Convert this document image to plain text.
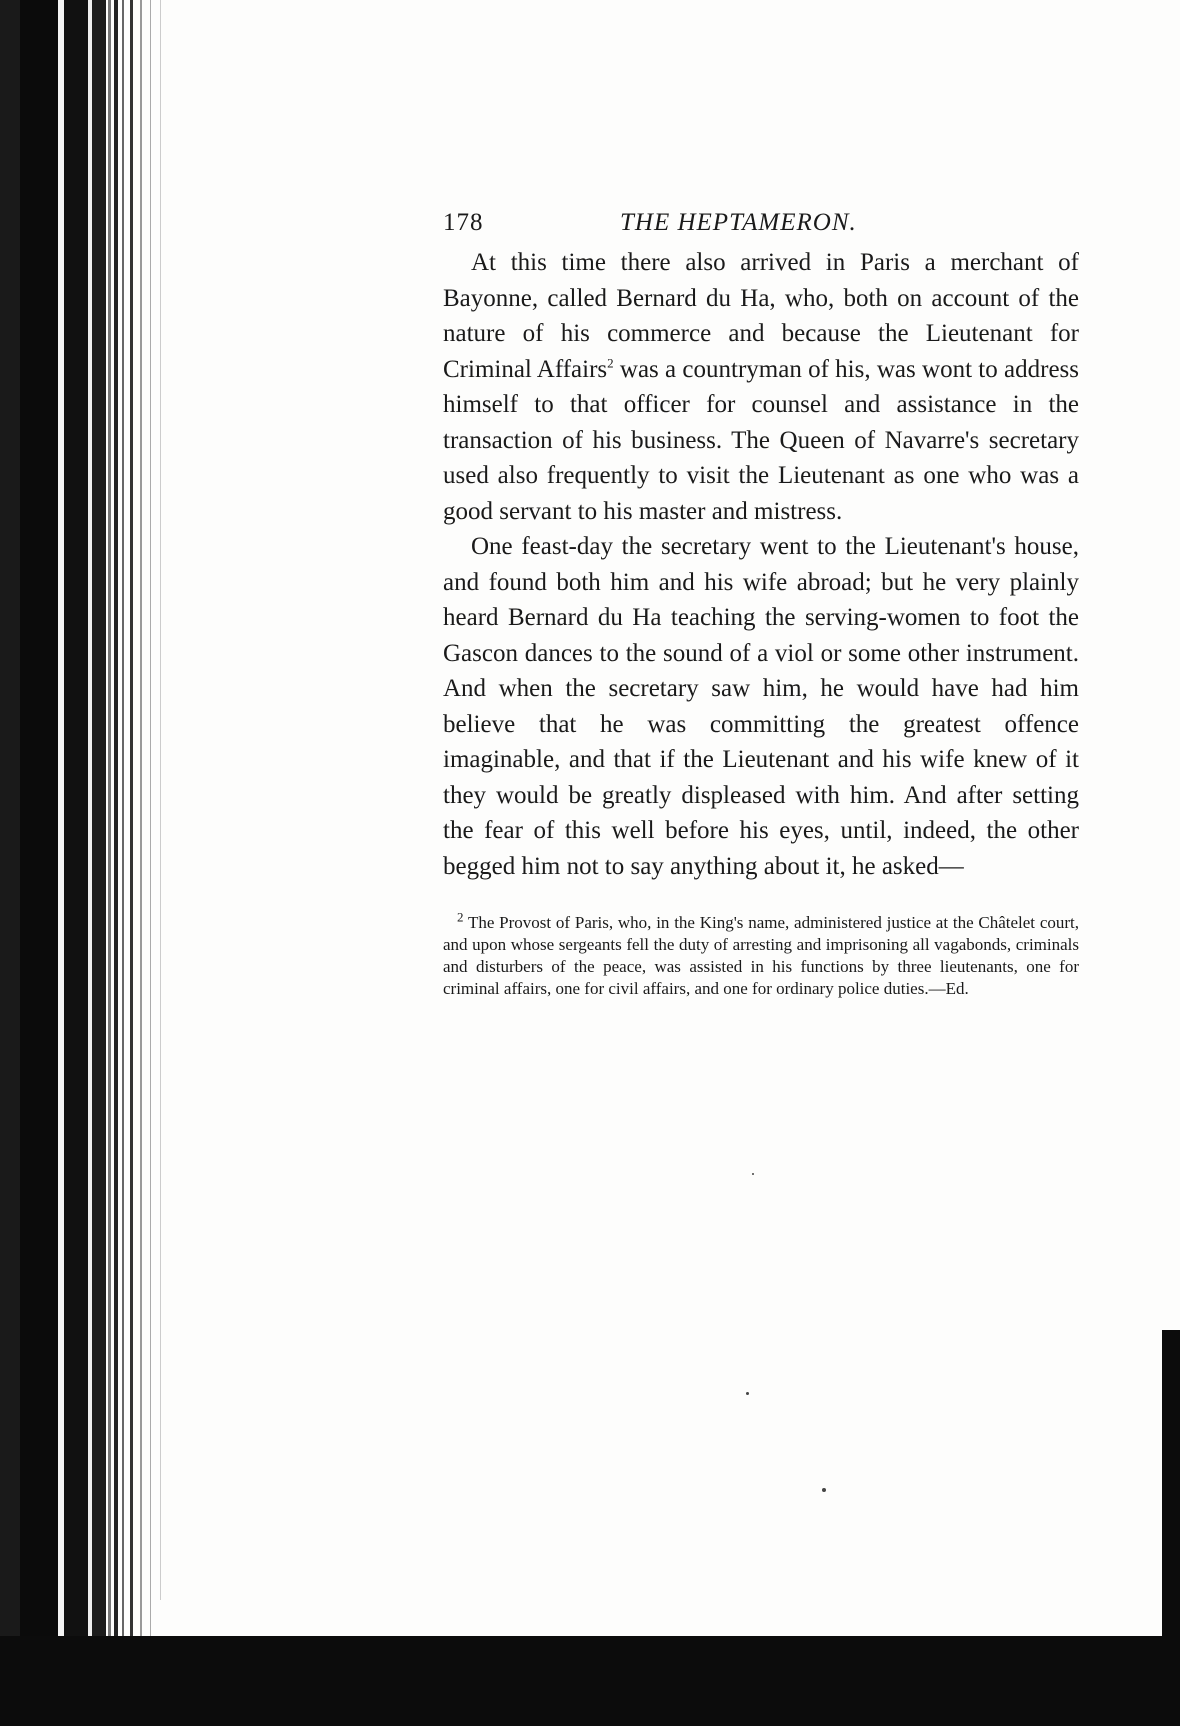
178	THE HEPTAMERON.

At this time there also arrived in Paris a merchant of Bayonne, called Bernard du Ha, who, both on account of the nature of his commerce and because the Lieutenant for Criminal Affairs$^2$ was a countryman of his, was wont to address himself to that officer for counsel and assistance in the transaction of his business. The Queen of Navarre's secretary used also frequently to visit the Lieutenant as one who was a good servant to his master and mistress.

One feast-day the secretary went to the Lieutenant's house, and found both him and his wife abroad; but he very plainly heard Bernard du Ha teaching the serving-women to foot the Gascon dances to the sound of a viol or some other instrument. And when the secretary saw him, he would have had him believe that he was committing the greatest offence imaginable, and that if the Lieutenant and his wife knew of it they would be greatly displeased with him. And after setting the fear of this well before his eyes, until, indeed, the other begged him not to say anything about it, he asked—

$^2$ The Provost of Paris, who, in the King's name, administered justice at the Châtelet court, and upon whose sergeants fell the duty of arresting and imprisoning all vagabonds, criminals and disturbers of the peace, was assisted in his functions by three lieutenants, one for criminal affairs, one for civil affairs, and one for ordinary police duties.—Ed.
